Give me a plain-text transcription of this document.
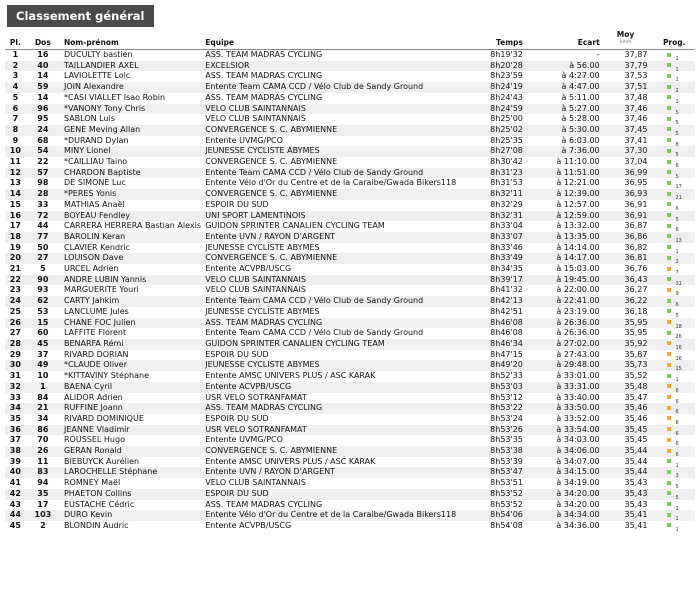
Classement général
Pl.	Dos	Nom-prénom	Equipe	Temps	Ecart	Moy
km/h	Prog.
1	16	DUCULTY bastien	ASS. TEAM MADRAS CYCLING	8h19'32	-	37,87	1

2	40	TAILLANDIER AXEL	EXCELSIOR	8h20'28	à 56.00	37,79	1

3	14	LAVIOLETTE Loic	ASS. TEAM MADRAS CYCLING	8h23'59	à 4:27.00	37,53	1

4	59	JOIN Alexandre	Entente Team CAMA CCD / Vélo Club de Sandy Ground	8h24'19	à 4:47.00	37,51	2

5	14	*CASI VIALLET Isao Robin	ASS. TEAM MADRAS CYCLING	8h24'43	à 5:11.00	37,48	1

6	96	*VANONY Tony Chris	VELO CLUB SAINTANNAIS	8h24'59	à 5:27.00	37,46	5

7	95	SABLON Luis	VELO CLUB SAINTANNAIS	8h25'00	à 5:28.00	37,46	5

8	24	GENE Meving Allan	CONVERGENCE S. C. ABYMIENNE	8h25'02	à 5:30.00	37,45	5

9	68	*DURAND Dylan	Entente UVMG/PCO	8h25'35	à 6:03.00	37,41	8

10	54	MINY Lionel	JEUNESSE CYCLISTE ABYMES	8h27'08	à 7:36.00	37,30	5

11	22	*CAILLIAU Taino	CONVERGENCE S. C. ABYMIENNE	8h30'42	à 11:10.00	37,04	6

12	57	CHARDON Baptiste	Entente Team CAMA CCD / Vélo Club de Sandy Ground	8h31'23	à 11:51.00	36,99	5

13	98	DE SIMONE Luc	Entente Vélo d'Or du Centre et de la Caraibe/Gwada Bikers118	8h31'53	à 12:21.00	36,95	17

14	28	*PERES Yonis	CONVERGENCE S. C. ABYMIENNE	8h32'11	à 12:39.00	36,93	21

15	33	MATHIAS Anaël	ESPOIR DU SUD	8h32'29	à 12:57.00	36,91	6

16	72	BOYEAU Fendley	UNI SPORT LAMENTINOIS	8h32'31	à 12:59.00	36,91	5

17	44	CARRERA HERRERA Bastian Alexis	GUIDON SPRINTER CANALIEN CYCLING TEAM	8h33'04	à 13:32.00	36,87	6

18	77	BAROLIN Keran	Entente UVN / RAYON D'ARGENT	8h33'07	à 13:35.00	36,86	13

19	50	CLAVIER Kendric	JEUNESSE CYCLISTE ABYMES	8h33'46	à 14:14.00	36,82	1

20	27	LOUISON Dave	CONVERGENCE S. C. ABYMIENNE	8h33'49	à 14:17.00	36,81	2

21	5	URCEL Adrien	Entente ACVPB/USCG	8h34'35	à 15:03.00	36,76	7

22	90	ANDRE LUBIN Yannis	VELO CLUB SAINTANNAIS	8h39'17	à 19:45.00	36,43	31

23	93	MARGUERITE Youri	VELO CLUB SAINTANNAIS	8h41'32	à 22:00.00	36,27	9

24	62	CARTY Jahkim	Entente Team CAMA CCD / Vélo Club de Sandy Ground	8h42'13	à 22:41.00	36,22	6

25	53	LANCLUME Jules	JEUNESSE CYCLISTE ABYMES	8h42'51	à 23:19.00	36,18	5

26	15	CHANE FOC Julien	ASS. TEAM MADRAS CYCLING	8h46'08	à 26:36.00	35,95	18

27	60	LAFFITE Florent	Entente Team CAMA CCD / Vélo Club de Sandy Ground	8h46'08	à 26:36.00	35,95	26

28	45	BENARFA Rémi	GUIDON SPRINTER CANALIEN CYCLING TEAM	8h46'34	à 27:02.00	35,92	16

29	37	RIVARD DORIAN	ESPOIR DU SUD	8h47'15	à 27:43.00	35,87	16

30	49	*CLAUDE Oliver	JEUNESSE CYCLISTE ABYMES	8h49'20	à 29:48.00	35,73	15

31	10	*KITTAVINY Stéphane	Entente AMSC UNIVERS PLUS / ASC KARAK	8h52'33	à 33:01.00	35,52	1

32	1	BAENA Cyril	Entente ACVPB/USCG	8h53'03	à 33:31.00	35,48	6

33	84	ALIDOR Adrien	USR VELO SOTRANFAMAT	8h53'12	à 33:40.00	35,47	6

34	21	RUFFINE Joann	ASS. TEAM MADRAS CYCLING	8h53'22	à 33:50.00	35,46	6

35	34	RIVARD DOMINIQUE	ESPOIR DU SUD	8h53'24	à 33:52.00	35,46	6

36	86	JEANNE Vladimir	USR VELO SOTRANFAMAT	8h53'26	à 33:54.00	35,45	6

37	70	ROUSSEL Hugo	Entente UVMG/PCO	8h53'35	à 34:03.00	35,45	6

38	26	GERAN Ronald	CONVERGENCE S. C. ABYMIENNE	8h53'38	à 34:06.00	35,44	6

39	11	BIEBUYCK Aurélien	Entente AMSC UNIVERS PLUS / ASC KARAK	8h53'39	à 34:07.00	35,44	1

40	83	LAROCHELLE Stéphane	Entente UVN / RAYON D'ARGENT	8h53'47	à 34:15.00	35,44	3

41	94	ROMNEY Maël	VELO CLUB SAINTANNAIS	8h53'51	à 34:19.00	35,43	5

42	35	PHAETON Collins	ESPOIR DU SUD	8h53'52	à 34:20.00	35,43	5

43	17	EUSTACHE Cédric	ASS. TEAM MADRAS CYCLING	8h53'52	à 34:20.00	35,43	1

44	103	DURO Kevin	Entente Vélo d'Or du Centre et de la Caraibe/Gwada Bikers118	8h54'06	à 34:34.00	35,41	1

45	2	BLONDIN Audric	Entente ACVPB/USCG	8h54'08	à 34:36.00	35,41	1
